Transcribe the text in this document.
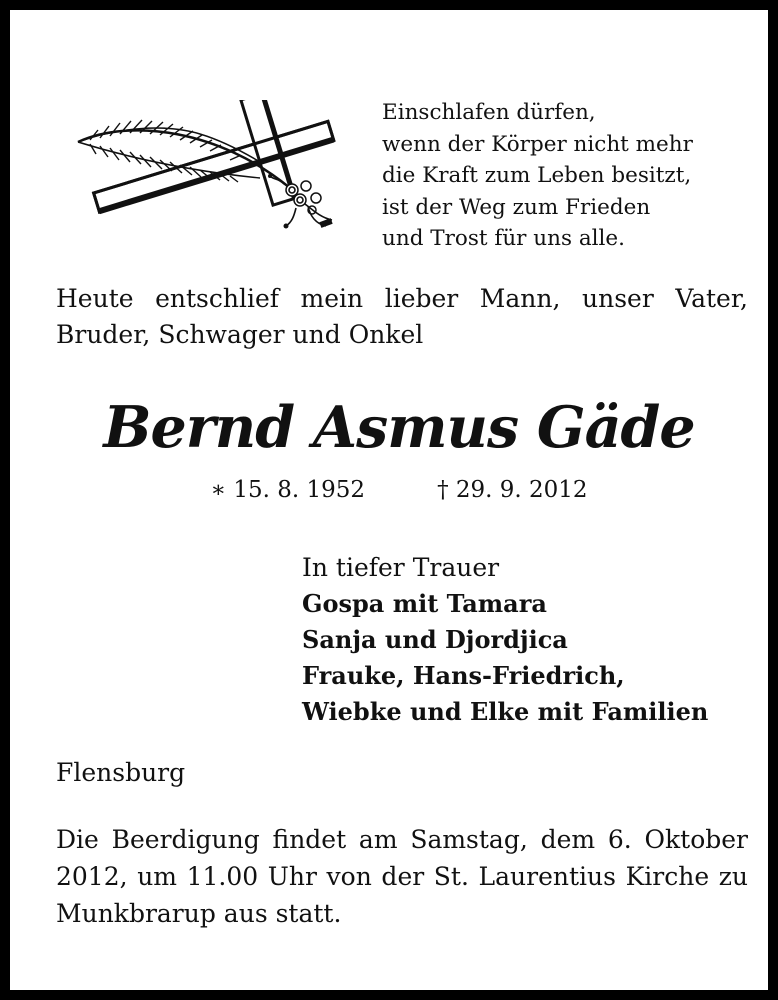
Einschlafen dürfen,
wenn der Körper nicht mehr
die Kraft zum Leben besitzt,
ist der Weg zum Frieden
und Trost für uns alle.
Heute entschlief mein lieber Mann, unser Vater,
Bruder, Schwager und Onkel
Bernd Asmus Gäde
∗ 15. 8. 1952	† 29. 9. 2012
In tiefer Trauer
Gospa mit Tamara
Sanja und Djordjica
Frauke, Hans-Friedrich,
Wiebke und Elke mit Familien
Flensburg
Die Beerdigung findet am Samstag, dem 6. Oktober
2012, um 11.00 Uhr von der St. Laurentius Kirche zu
Munkbrarup aus statt.
